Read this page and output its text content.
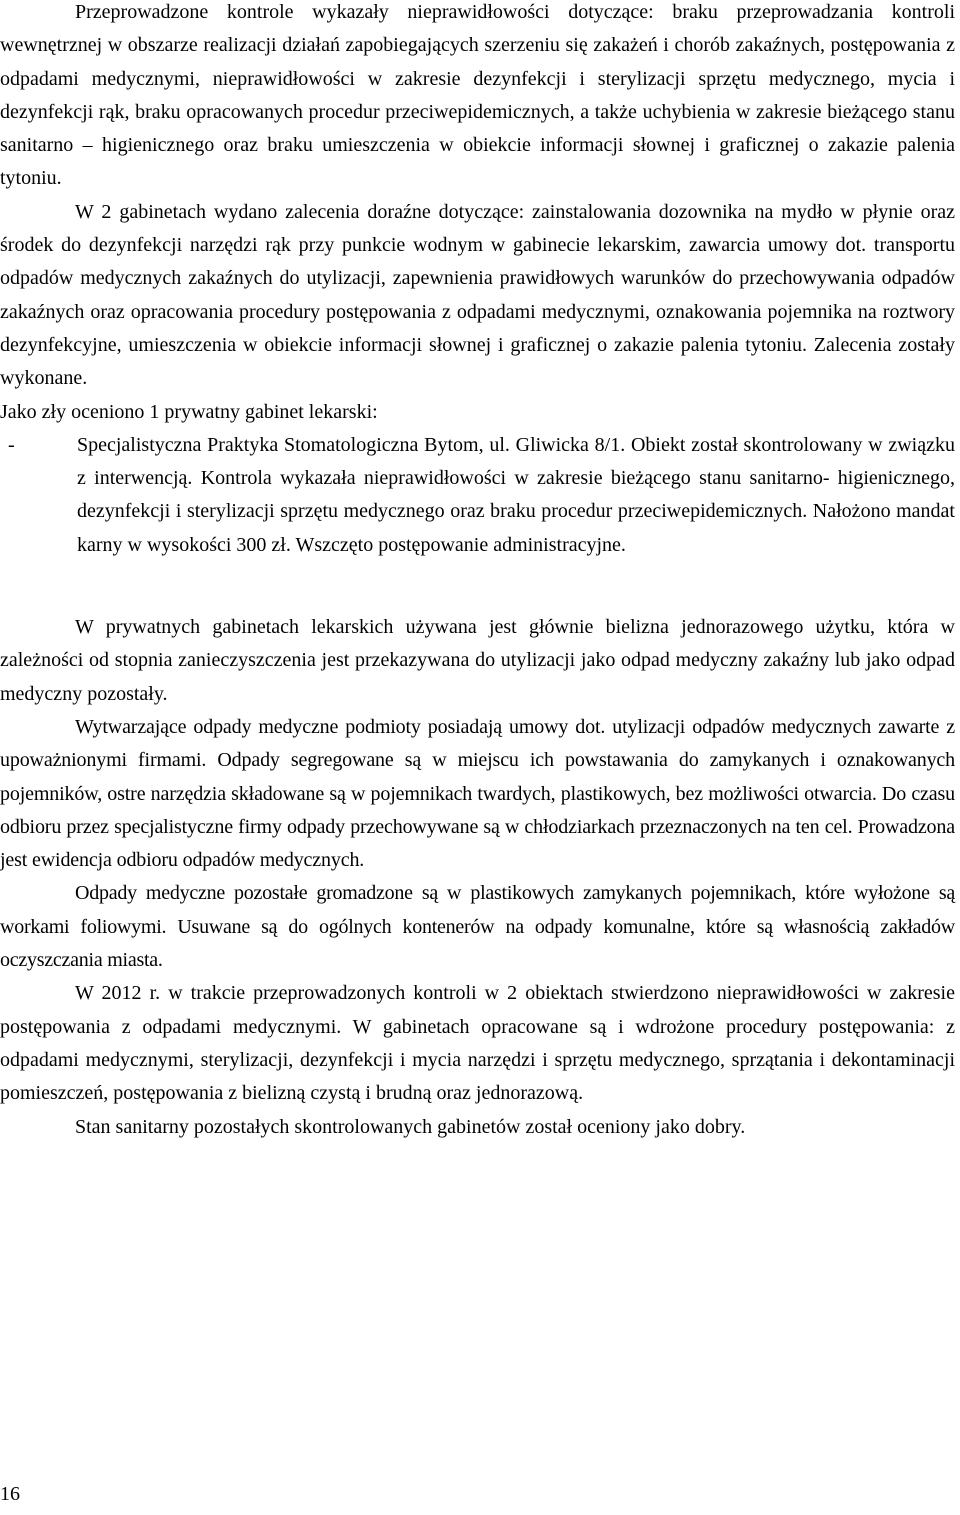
Przeprowadzone kontrole wykazały nieprawidłowości dotyczące: braku przeprowadzania kontroli wewnętrznej w obszarze realizacji działań zapobiegających szerzeniu się zakażeń i chorób zakaźnych, postępowania z odpadami medycznymi, nieprawidłowości w zakresie dezynfekcji i sterylizacji sprzętu medycznego, mycia i dezynfekcji rąk, braku opracowanych procedur przeciwepidemicznych, a także uchybienia w zakresie bieżącego stanu sanitarno – higienicznego oraz braku umieszczenia w obiekcie informacji słownej i graficznej o zakazie palenia tytoniu.

W 2 gabinetach wydano zalecenia doraźne dotyczące: zainstalowania dozownika na mydło w płynie oraz środek do dezynfekcji narzędzi rąk przy punkcie wodnym w gabinecie lekarskim, zawarcia umowy dot. transportu odpadów medycznych zakaźnych do utylizacji, zapewnienia prawidłowych warunków do przechowywania odpadów zakaźnych oraz opracowania procedury postępowania z odpadami medycznymi, oznakowania pojemnika na roztwory dezynfekcyjne, umieszczenia w obiekcie informacji słownej i graficznej o zakazie palenia tytoniu. Zalecenia zostały wykonane.

Jako zły oceniono 1 prywatny gabinet lekarski:

-	Specjalistyczna Praktyka Stomatologiczna Bytom, ul. Gliwicka 8/1. Obiekt został skontrolowany w związku z interwencją. Kontrola wykazała nieprawidłowości w zakresie bieżącego stanu sanitarno- higienicznego, dezynfekcji i sterylizacji sprzętu medycznego oraz braku procedur przeciwepidemicznych. Nałożono mandat karny w wysokości 300 zł. Wszczęto postępowanie administracyjne.

W prywatnych gabinetach lekarskich używana jest głównie bielizna jednorazowego użytku, która w zależności od stopnia zanieczyszczenia jest przekazywana do utylizacji jako odpad medyczny zakaźny lub jako odpad medyczny pozostały.

Wytwarzające odpady medyczne podmioty posiadają umowy dot. utylizacji odpadów medycznych zawarte z upoważnionymi firmami. Odpady segregowane są w miejscu ich powstawania do zamykanych i oznakowanych pojemników, ostre narzędzia składowane są w pojemnikach twardych, plastikowych, bez możliwości otwarcia. Do czasu odbioru przez specjalistyczne firmy odpady przechowywane są w chłodziarkach przeznaczonych na ten cel. Prowadzona jest ewidencja odbioru odpadów medycznych.

Odpady medyczne pozostałe gromadzone są w plastikowych zamykanych pojemnikach, które wyłożone są workami foliowymi. Usuwane są do ogólnych kontenerów na odpady komunalne, które są własnością zakładów oczyszczania miasta.

W 2012 r. w trakcie przeprowadzonych kontroli w 2 obiektach stwierdzono nieprawidłowości w zakresie postępowania z odpadami medycznymi. W gabinetach opracowane są i wdrożone procedury postępowania: z odpadami medycznymi, sterylizacji, dezynfekcji i mycia narzędzi i sprzętu medycznego, sprzątania i dekontaminacji pomieszczeń, postępowania z bielizną czystą i brudną oraz jednorazową.

Stan sanitarny pozostałych skontrolowanych gabinetów został oceniony jako dobry.

16
